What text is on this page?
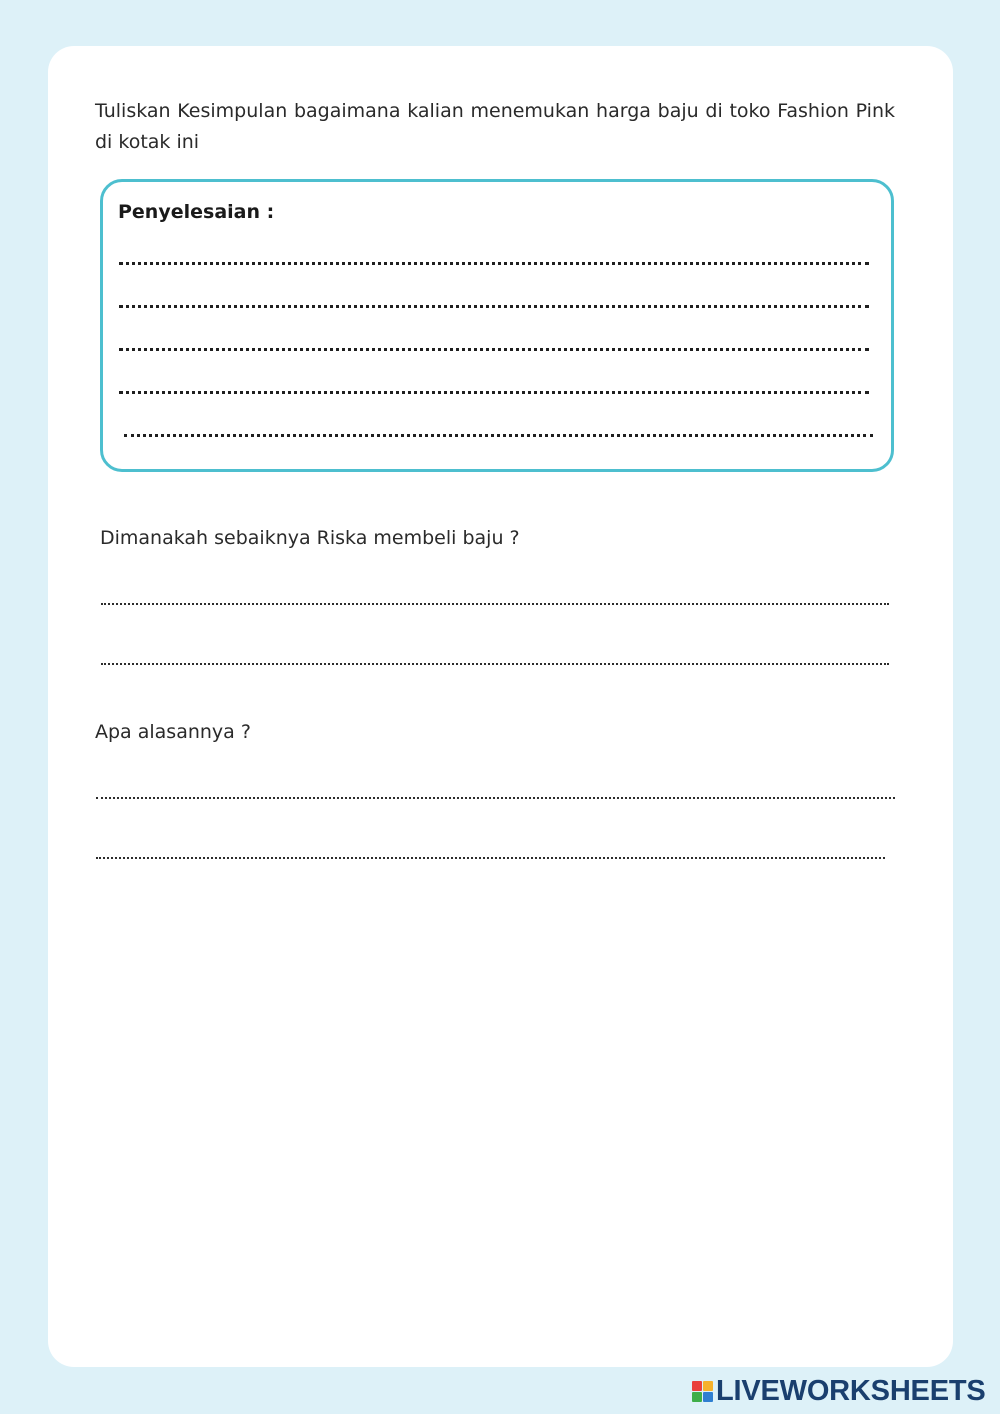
Tuliskan Kesimpulan bagaimana kalian menemukan harga baju di toko Fashion Pink di kotak ini

Penyelesaian :

Dimanakah sebaiknya Riska membeli baju ?

Apa alasannya ?

LIVEWORKSHEETS
